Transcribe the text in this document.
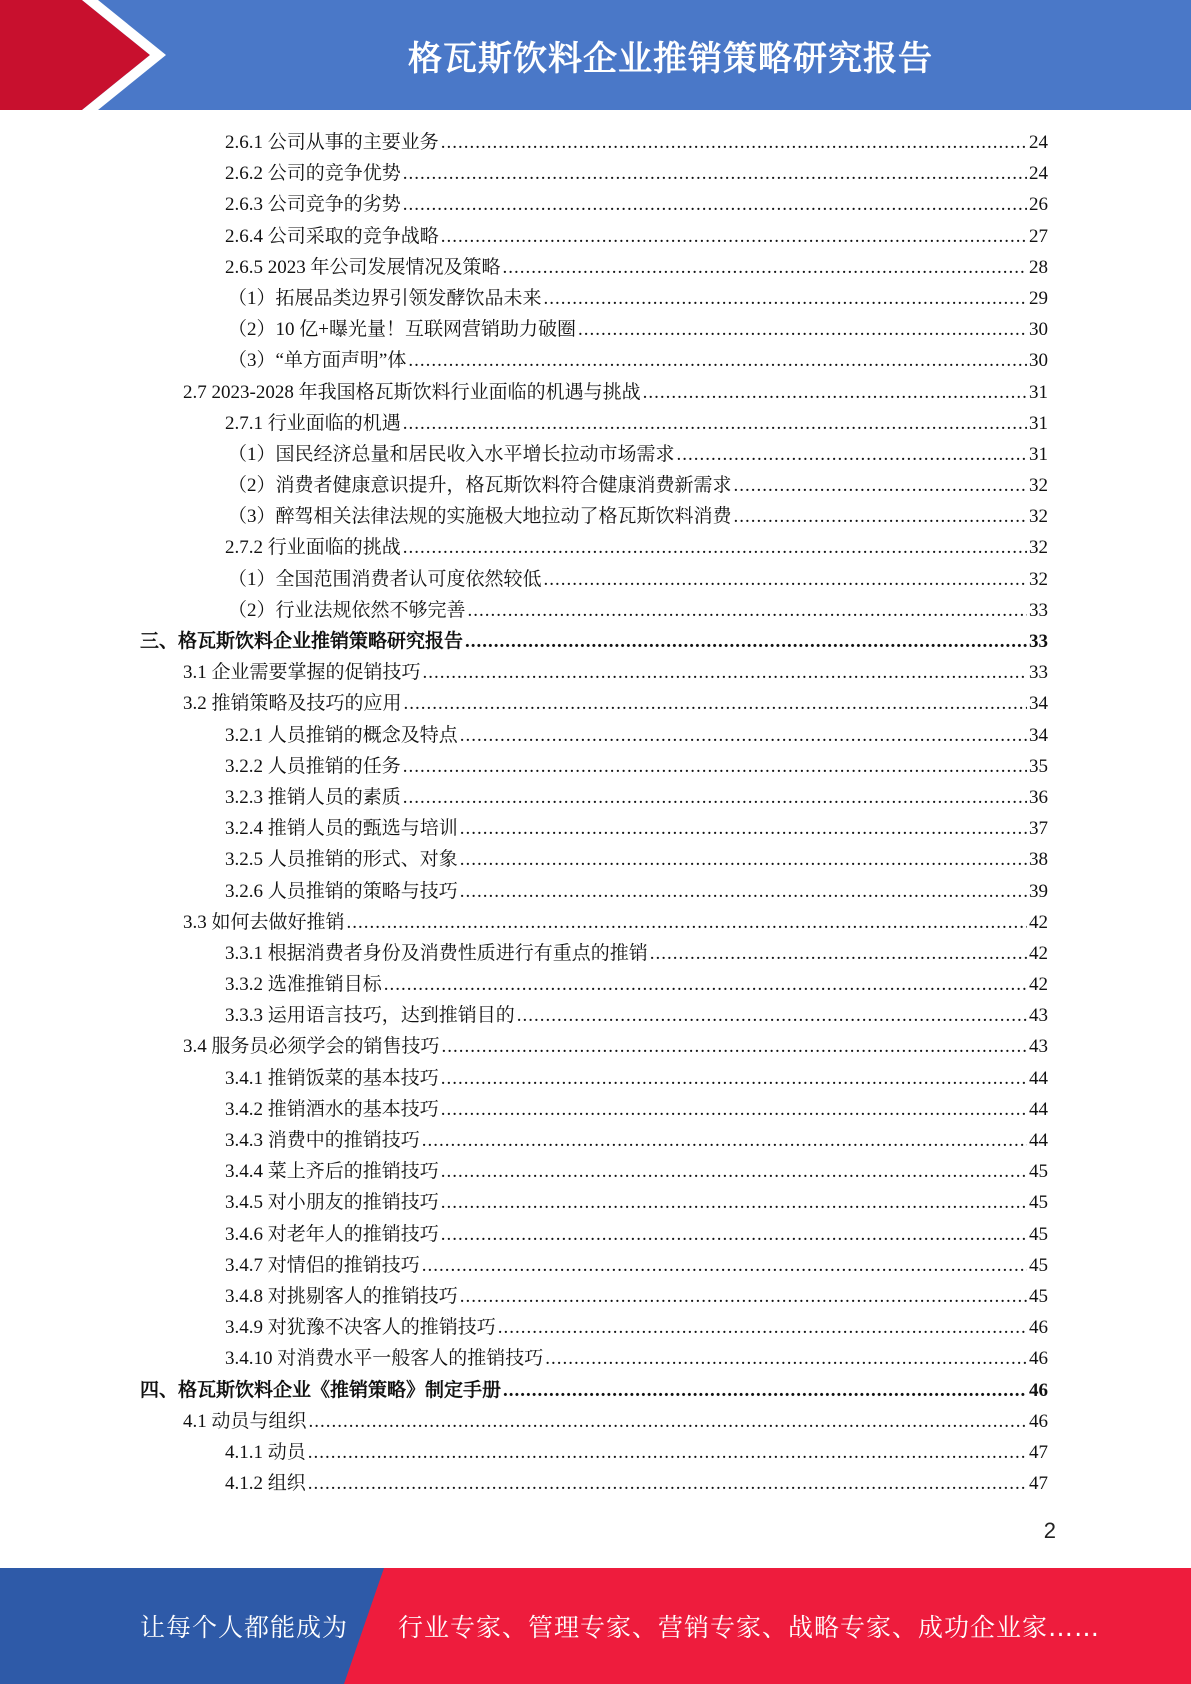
格瓦斯饮料企业推销策略研究报告
2.6.1 公司从事的主要业务 .....	24
2.6.2 公司的竞争优势 .....	24
2.6.3 公司竞争的劣势 .....	26
2.6.4 公司采取的竞争战略 .....	27
2.6.5 2023 年公司发展情况及策略 .....	28
（1）拓展品类边界引领发酵饮品未来 .....	29
（2）10 亿+曝光量！互联网营销助力破圈 .....	30
（3）“单方面声明”体 .....	30
2.7 2023-2028 年我国格瓦斯饮料行业面临的机遇与挑战 .....	31
2.7.1 行业面临的机遇 .....	31
（1）国民经济总量和居民收入水平增长拉动市场需求 .....	31
（2）消费者健康意识提升，格瓦斯饮料符合健康消费新需求 .....	32
（3）醉驾相关法律法规的实施极大地拉动了格瓦斯饮料消费 .....	32
2.7.2 行业面临的挑战 .....	32
（1）全国范围消费者认可度依然较低 .....	32
（2）行业法规依然不够完善 .....	33
三、格瓦斯饮料企业推销策略研究报告 .....	33
3.1 企业需要掌握的促销技巧 .....	33
3.2 推销策略及技巧的应用 .....	34
3.2.1 人员推销的概念及特点 .....	34
3.2.2 人员推销的任务 .....	35
3.2.3 推销人员的素质 .....	36
3.2.4 推销人员的甄选与培训 .....	37
3.2.5 人员推销的形式、对象 .....	38
3.2.6 人员推销的策略与技巧 .....	39
3.3 如何去做好推销 .....	42
3.3.1 根据消费者身份及消费性质进行有重点的推销 .....	42
3.3.2 选准推销目标 .....	42
3.3.3 运用语言技巧，达到推销目的 .....	43
3.4 服务员必须学会的销售技巧 .....	43
3.4.1 推销饭菜的基本技巧 .....	44
3.4.2 推销酒水的基本技巧 .....	44
3.4.3 消费中的推销技巧 .....	44
3.4.4 菜上齐后的推销技巧 .....	45
3.4.5 对小朋友的推销技巧 .....	45
3.4.6 对老年人的推销技巧 .....	45
3.4.7 对情侣的推销技巧 .....	45
3.4.8 对挑剔客人的推销技巧 .....	45
3.4.9 对犹豫不决客人的推销技巧 .....	46
3.4.10 对消费水平一般客人的推销技巧 .....	46
四、格瓦斯饮料企业《推销策略》制定手册 .....	46
4.1 动员与组织 .....	46
4.1.1 动员 .....	47
4.1.2 组织 .....	47
2
让每个人都能成为	行业专家、管理专家、营销专家、战略专家、成功企业家……
